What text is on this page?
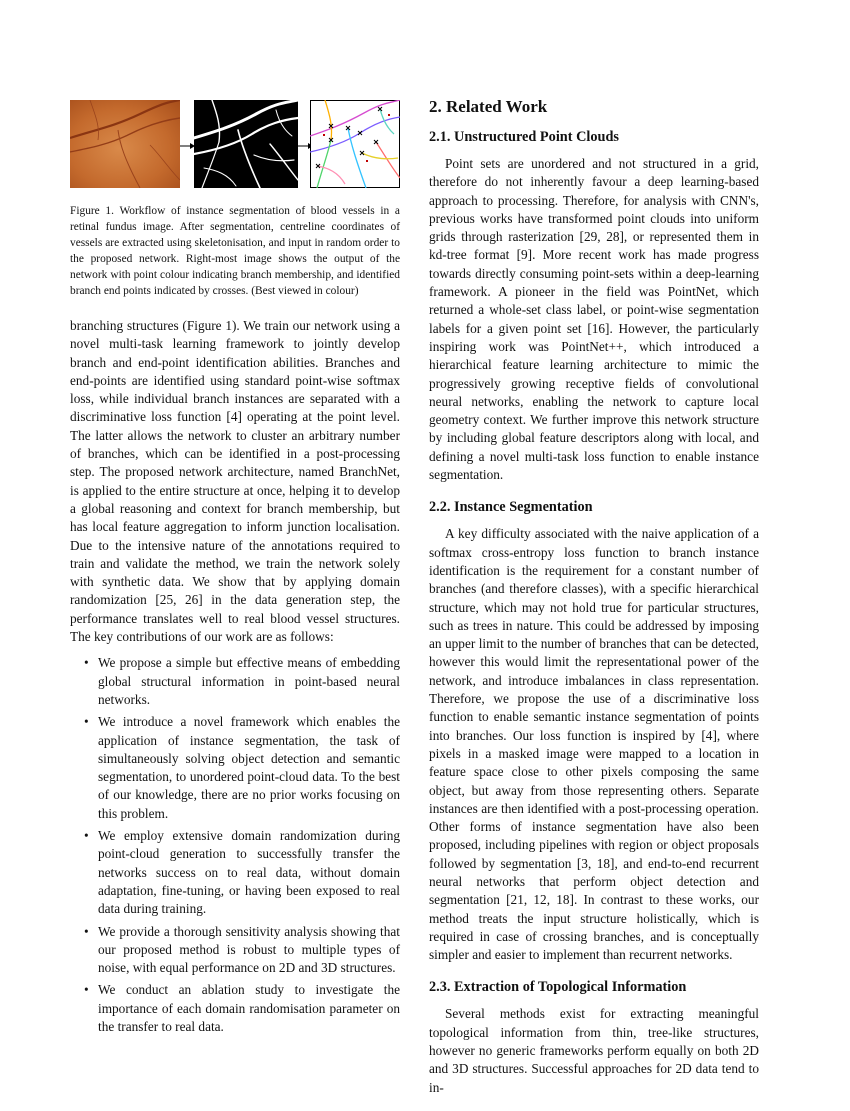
Figure 1. Workflow of instance segmentation of blood vessels in a retinal fundus image. After segmentation, centreline coordinates of vessels are extracted using skeletonisation, and input in random order to the proposed network. Right-most image shows the output of the network with point colour indicating branch membership, and identified branch end points indicated by crosses. (Best viewed in colour)

branching structures (Figure 1). We train our network using a novel multi-task learning framework to jointly develop branch and end-point identification abilities. Branches and end-points are identified using standard point-wise softmax loss, while individual branch instances are separated with a discriminative loss function [4] operating at the point level. The latter allows the network to cluster an arbitrary number of branches, which can be identified in a post-processing step. The proposed network architecture, named BranchNet, is applied to the entire structure at once, helping it to develop a global reasoning and context for branch membership, but has local feature aggregation to inform junction localisation. Due to the intensive nature of the annotations required to train and validate the method, we train the network solely with synthetic data. We show that by applying domain randomization [25, 26] in the data generation step, the performance translates well to real blood vessel structures. The key contributions of our work are as follows:

• We propose a simple but effective means of embedding global structural information in point-based neural networks.
• We introduce a novel framework which enables the application of instance segmentation, the task of simultaneously solving object detection and semantic segmentation, to unordered point-cloud data. To the best of our knowledge, there are no prior works focusing on this problem.
• We employ extensive domain randomization during point-cloud generation to successfully transfer the networks success on to real data, without domain adaptation, fine-tuning, or having been exposed to real data during training.
• We provide a thorough sensitivity analysis showing that our proposed method is robust to multiple types of noise, with equal performance on 2D and 3D structures.
• We conduct an ablation study to investigate the importance of each domain randomisation parameter on the transfer to real data.
2. Related Work
2.1. Unstructured Point Clouds

Point sets are unordered and not structured in a grid, therefore do not inherently favour a deep learning-based approach to processing. Therefore, for analysis with CNN's, previous works have transformed point clouds into uniform grids through rasterization [29, 28], or represented them in kd-tree format [9]. More recent work has made progress towards directly consuming point-sets within a deep-learning framework. A pioneer in the field was PointNet, which returned a whole-set class label, or point-wise segmentation labels for a given point set [16]. However, the particularly inspiring work was PointNet++, which introduced a hierarchical feature learning architecture to mimic the progressively growing receptive fields of convolutional neural networks, enabling the network to capture local geometry context. We further improve this network structure by including global feature descriptors along with local, and defining a novel multi-task loss function to enable instance segmentation.

2.2. Instance Segmentation

A key difficulty associated with the naive application of a softmax cross-entropy loss function to branch instance identification is the requirement for a constant number of branches (and therefore classes), with a specific hierarchical structure, which may not hold true for particular structures, such as trees in nature. This could be addressed by imposing an upper limit to the number of branches that can be detected, however this would limit the representational power of the network, and introduce imbalances in class representation. Therefore, we propose the use of a discriminative loss function to enable semantic instance segmentation of points into branches. Our loss function is inspired by [4], where pixels in a masked image were mapped to a location in feature space close to other pixels composing the same object, but away from those representing others. Separate instances are then identified with a post-processing operation. Other forms of instance segmentation have also been proposed, including pipelines with region or object proposals followed by segmentation [3, 18], and end-to-end recurrent neural networks that perform object detection and segmentation [21, 12, 18]. In contrast to these works, our method treats the input structure holistically, which is required in case of crossing branches, and is conceptually simpler and easier to implement than recurrent networks.

2.3. Extraction of Topological Information

Several methods exist for extracting meaningful topological information from thin, tree-like structures, however no generic frameworks perform equally on both 2D and 3D structures. Successful approaches for 2D data tend to in-
